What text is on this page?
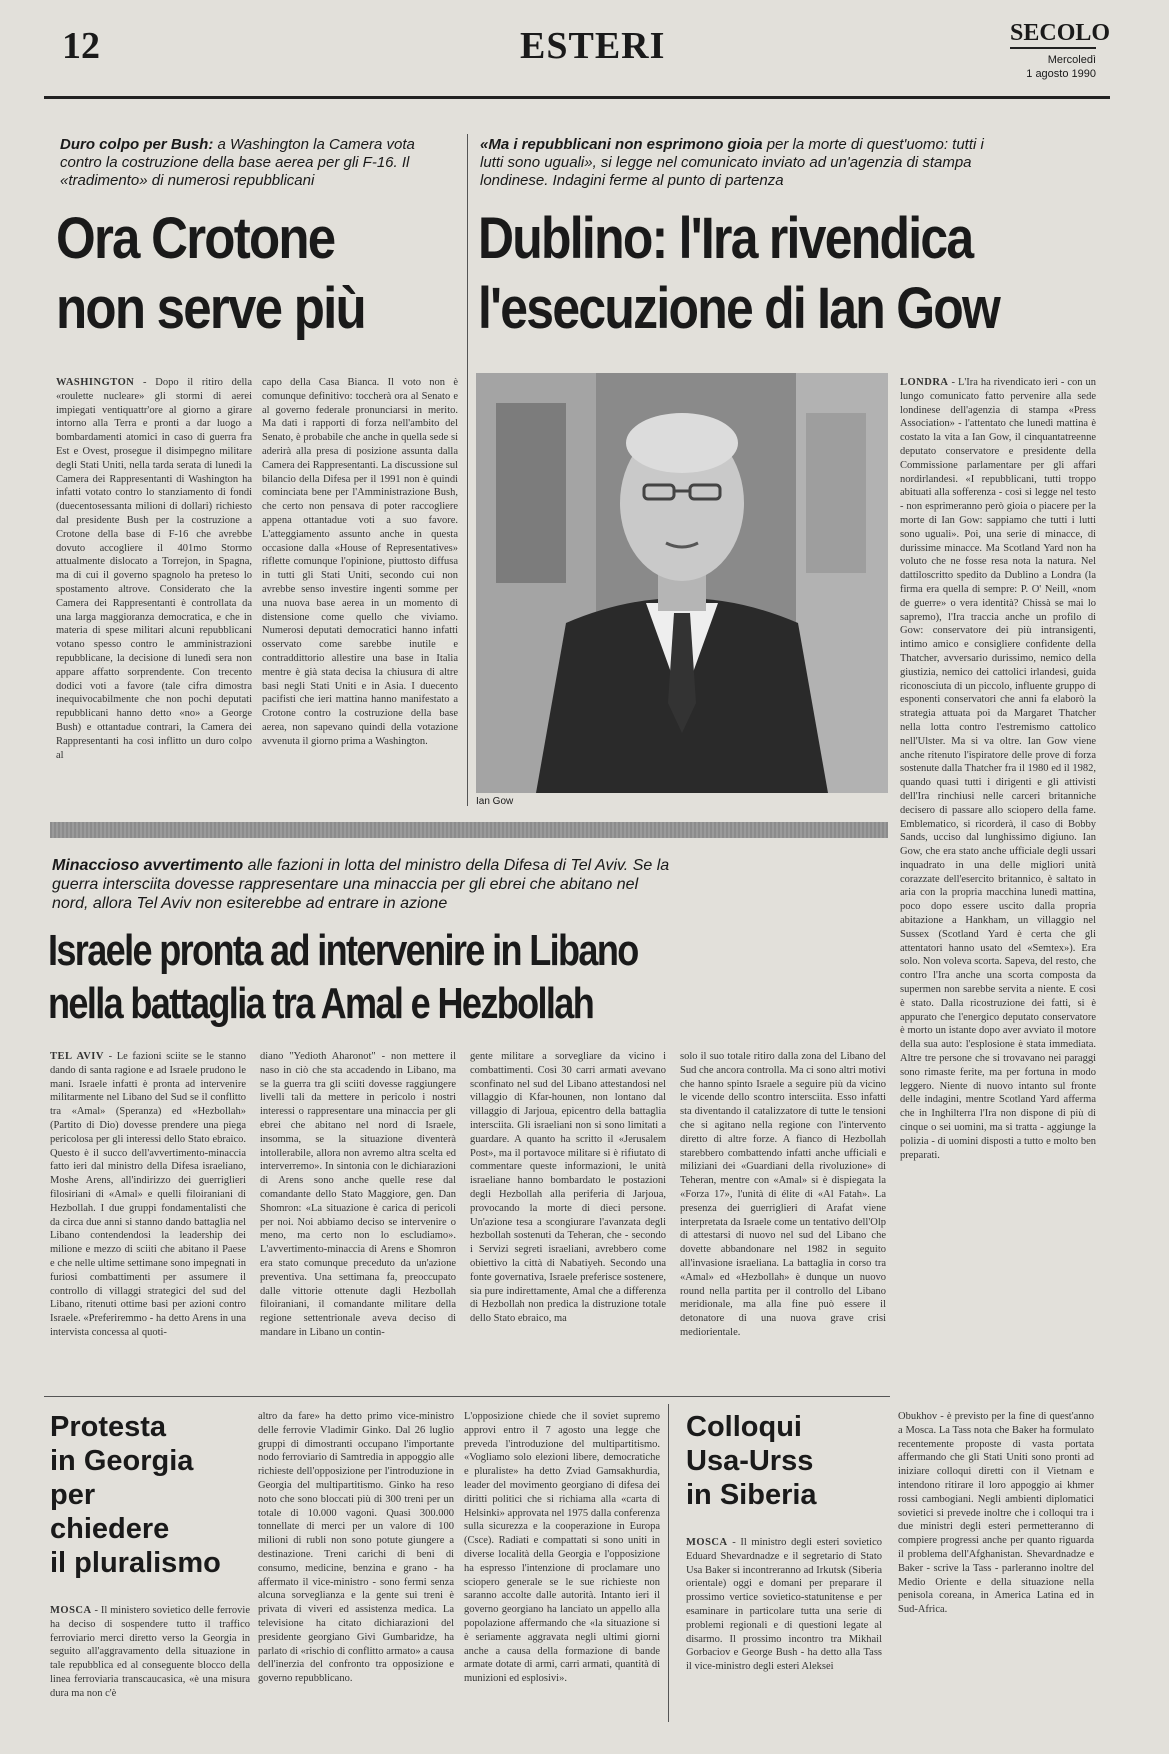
12	ESTERI	SECOLO
Mercoledì
1 agosto 1990
Duro colpo per Bush: a Washington la Camera vota contro la costruzione della base aerea per gli F-16. Il «tradimento» di numerosi repubblicani
Ora Crotone
non serve più
WASHINGTON - Dopo il ritiro della «roulette nucleare» gli stormi di aerei impiegati ventiquattr'ore al giorno a girare intorno alla Terra e pronti a dar luogo a bombardamenti atomici in caso di guerra fra Est e Ovest, prosegue il disimpegno militare degli Stati Uniti, nella tarda serata di lunedì la Camera dei Rappresentanti di Washington ha infatti votato contro lo stanziamento di fondi (duecentosessanta milioni di dollari) richiesto dal presidente Bush per la costruzione a Crotone della base di F-16 che avrebbe dovuto accogliere il 401mo Stormo attualmente dislocato a Torrejon, in Spagna, ma di cui il governo spagnolo ha preteso lo spostamento altrove. Considerato che la Camera dei Rappresentanti è controllata da una larga maggioranza democratica, e che in materia di spese militari alcuni repubblicani votano spesso contro le amministrazioni repubblicane, la decisione di lunedì sera non appare affatto sorprendente. Con trecento dodici voti a favore (tale cifra dimostra inequivocabilmente che non pochi deputati repubblicani hanno detto «no» a George Bush) e ottantadue contrari, la Camera dei Rappresentanti ha così inflitto un duro colpo al
capo della Casa Bianca. Il voto non è comunque definitivo: toccherà ora al Senato e al governo federale pronunciarsi in merito. Ma dati i rapporti di forza nell'ambito del Senato, è probabile che anche in quella sede si aderirà alla presa di posizione assunta dalla Camera dei Rappresentanti. La discussione sul bilancio della Difesa per il 1991 non è quindi cominciata bene per l'Amministrazione Bush, che certo non pensava di poter raccogliere appena ottantadue voti a suo favore. L'atteggiamento assunto anche in questa occasione dalla «House of Representatives» riflette comunque l'opinione, piuttosto diffusa in tutti gli Stati Uniti, secondo cui non avrebbe senso investire ingenti somme per una nuova base aerea in un momento di distensione come quello che viviamo. Numerosi deputati democratici hanno infatti osservato come sarebbe inutile e contraddittorio allestire una base in Italia mentre è già stata decisa la chiusura di altre basi negli Stati Uniti e in Asia. I duecento pacifisti che ieri mattina hanno manifestato a Crotone contro la costruzione della base aerea, non sapevano quindi della votazione avvenuta il giorno prima a Washington.
«Ma i repubblicani non esprimono gioia per la morte di quest'uomo: tutti i lutti sono uguali», si legge nel comunicato inviato ad un'agenzia di stampa londinese. Indagini ferme al punto di partenza
Dublino: l'Ira rivendica
l'esecuzione di Ian Gow
Ian Gow
LONDRA - L'Ira ha rivendicato ieri - con un lungo comunicato fatto pervenire alla sede londinese dell'agenzia di stampa «Press Association» - l'attentato che lunedì mattina è costato la vita a Ian Gow, il cinquantatreenne deputato conservatore e presidente della Commissione parlamentare per gli affari nordirlandesi. «I repubblicani, tutti troppo abituati alla sofferenza - così si legge nel testo - non esprimeranno però gioia o piacere per la morte di Ian Gow: sappiamo che tutti i lutti sono uguali». Poi, una serie di minacce, di durissime minacce. Ma Scotland Yard non ha voluto che ne fosse resa nota la natura. Nel dattiloscritto spedito da Dublino a Londra (la firma era quella di sempre: P. O' Neill, «nom de guerre» o vera identità? Chissà se mai lo sapremo), l'Ira traccia anche un profilo di Gow: conservatore dei più intransigenti, intimo amico e consigliere confidente della Thatcher, avversario durissimo, nemico della giustizia, nemico dei cattolici irlandesi, guida riconosciuta di un piccolo, influente gruppo di esponenti conservatori che anni fa elaborò la strategia attuata poi da Margaret Thatcher nella lotta contro l'estremismo cattolico nell'Ulster. Ma si va oltre. Ian Gow viene anche ritenuto l'ispiratore delle prove di forza sostenute dalla Thatcher fra il 1980 ed il 1982, quando quasi tutti i dirigenti e gli attivisti dell'Ira rinchiusi nelle carceri britanniche decisero di passare allo sciopero della fame. Emblematico, si ricorderà, il caso di Bobby Sands, ucciso dal lunghissimo digiuno. Ian Gow, che era stato anche ufficiale degli ussari inquadrato in una delle migliori unità corazzate dell'esercito britannico, è saltato in aria con la propria macchina lunedì mattina, poco dopo essere uscito dalla propria abitazione a Hankham, un villaggio nel Sussex (Scotland Yard è certa che gli attentatori hanno usato del «Semtex»). Era solo. Non voleva scorta. Sapeva, del resto, che contro l'Ira anche una scorta composta da supermen non sarebbe servita a niente. E così è stato. Dalla ricostruzione dei fatti, si è appurato che l'energico deputato conservatore è morto un istante dopo aver avviato il motore della sua auto: l'esplosione è stata immediata. Altre tre persone che si trovavano nei paraggi sono rimaste ferite, ma per fortuna in modo leggero. Niente di nuovo intanto sul fronte delle indagini, mentre Scotland Yard afferma che in Inghilterra l'Ira non dispone di più di cinque o sei uomini, ma si tratta - aggiunge la polizia - di uomini disposti a tutto e molto ben preparati.
Minaccioso avvertimento alle fazioni in lotta del ministro della Difesa di Tel Aviv. Se la guerra intersciita dovesse rappresentare una minaccia per gli ebrei che abitano nel nord, allora Tel Aviv non esiterebbe ad entrare in azione
Israele pronta ad intervenire in Libano
nella battaglia tra Amal e Hezbollah
TEL AVIV - Le fazioni sciite se le stanno dando di santa ragione e ad Israele prudono le mani. Israele infatti è pronta ad intervenire militarmente nel Libano del Sud se il conflitto tra «Amal» (Speranza) ed «Hezbollah» (Partito di Dio) dovesse prendere una piega pericolosa per gli interessi dello Stato ebraico. Questo è il succo dell'avvertimento-minaccia fatto ieri dal ministro della Difesa israeliano, Moshe Arens, all'indirizzo dei guerriglieri filosiriani di «Amal» e quelli filoiraniani di Hezbollah. I due gruppi fondamentalisti che da circa due anni si stanno dando battaglia nel Libano contendendosi la leadership dei milione e mezzo di sciiti che abitano il Paese e che nelle ultime settimane sono impegnati in furiosi combattimenti per assumere il controllo di villaggi strategici del sud del Libano, ritenuti ottime basi per azioni contro Israele. «Preferiremmo - ha detto Arens in una intervista concessa al quoti-
diano "Yedioth Aharonot" - non mettere il naso in ciò che sta accadendo in Libano, ma se la guerra tra gli sciiti dovesse raggiungere livelli tali da mettere in pericolo i nostri interessi o rappresentare una minaccia per gli ebrei che abitano nel nord di Israele, insomma, se la situazione diventerà intollerabile, allora non avremo altra scelta ed interverremo». In sintonia con le dichiarazioni di Arens sono anche quelle rese dal comandante dello Stato Maggiore, gen. Dan Shomron: «La situazione è carica di pericoli per noi. Noi abbiamo deciso se intervenire o meno, ma certo non lo escludiamo». L'avvertimento-minaccia di Arens e Shomron era stato comunque preceduto da un'azione preventiva. Una settimana fa, preoccupato dalle vittorie ottenute dagli Hezbollah filoiraniani, il comandante militare della regione settentrionale aveva deciso di mandare in Libano un contin-
gente militare a sorvegliare da vicino i combattimenti. Così 30 carri armati avevano sconfinato nel sud del Libano attestandosi nel villaggio di Kfar-hounen, non lontano dal villaggio di Jarjoua, epicentro della battaglia intersciita. Gli israeliani non si sono limitati a guardare. A quanto ha scritto il «Jerusalem Post», ma il portavoce militare si è rifiutato di commentare queste informazioni, le unità israeliane hanno bombardato le postazioni degli Hezbollah alla periferia di Jarjoua, provocando la morte di dieci persone. Un'azione tesa a scongiurare l'avanzata degli hezbollah sostenuti da Teheran, che - secondo i Servizi segreti israeliani, avrebbero come obiettivo la città di Nabatiyeh. Secondo una fonte governativa, Israele preferisce sostenere, sia pure indirettamente, Amal che a differenza di Hezbollah non predica la distruzione totale dello Stato ebraico, ma
solo il suo totale ritiro dalla zona del Libano del Sud che ancora controlla. Ma ci sono altri motivi che hanno spinto Israele a seguire più da vicino le vicende dello scontro intersciita. Esso infatti sta diventando il catalizzatore di tutte le tensioni che si agitano nella regione con l'intervento diretto di altre forze. A fianco di Hezbollah starebbero combattendo infatti anche ufficiali e miliziani dei «Guardiani della rivoluzione» di Teheran, mentre con «Amal» si è dispiegata la «Forza 17», l'unità di élite di «Al Fatah». La presenza dei guerriglieri di Arafat viene interpretata da Israele come un tentativo dell'Olp di attestarsi di nuovo nel sud del Libano che dovette abbandonare nel 1982 in seguito all'invasione israeliana. La battaglia in corso tra «Amal» ed «Hezbollah» è dunque un nuovo round nella partita per il controllo del Libano meridionale, ma alla fine può essere il detonatore di una nuova grave crisi mediorientale.
Protesta
in Georgia
per
chiedere
il pluralismo
MOSCA - Il ministero sovietico delle ferrovie ha deciso di sospendere tutto il traffico ferroviario merci diretto verso la Georgia in seguito all'aggravamento della situazione in tale repubblica ed al conseguente blocco della linea ferroviaria transcaucasica, «è una misura dura ma non c'è
altro da fare» ha detto primo vice-ministro delle ferrovie Vladimir Ginko. Dal 26 luglio gruppi di dimostranti occupano l'importante nodo ferroviario di Samtredia in appoggio alle richieste dell'opposizione per l'introduzione in Georgia del multipartitismo. Ginko ha reso noto che sono bloccati più di 300 treni per un totale di 10.000 vagoni. Quasi 300.000 tonnellate di merci per un valore di 100 milioni di rubli non sono potute giungere a destinazione. Treni carichi di beni di consumo, medicine, benzina e grano - ha affermato il vice-ministro - sono fermi senza alcuna sorveglianza e la gente sui treni è privata di viveri ed assistenza medica. La televisione ha citato dichiarazioni del presidente georgiano Givi Gumbaridze, ha parlato di «rischio di conflitto armato» a causa dell'inerzia del confronto tra opposizione e governo repubblicano.
L'opposizione chiede che il soviet supremo approvi entro il 7 agosto una legge che preveda l'introduzione del multipartitismo. «Vogliamo solo elezioni libere, democratiche e pluraliste» ha detto Zviad Gamsakhurdia, leader del movimento georgiano di difesa dei diritti politici che si richiama alla «carta di Helsinki» approvata nel 1975 dalla conferenza sulla sicurezza e la cooperazione in Europa (Csce). Radiati e compattati si sono uniti in diverse località della Georgia e l'opposizione ha espresso l'intenzione di proclamare uno sciopero generale se le sue richieste non saranno accolte dalle autorità. Intanto ieri il governo georgiano ha lanciato un appello alla popolazione affermando che «la situazione si è seriamente aggravata negli ultimi giorni anche a causa della formazione di bande armate dotate di armi, carri armati, quantità di munizioni ed esplosivi».
Colloqui
Usa-Urss
in Siberia
MOSCA - Il ministro degli esteri sovietico Eduard Shevardnadze e il segretario di Stato Usa Baker si incontreranno ad Irkutsk (Siberia orientale) oggi e domani per preparare il prossimo vertice sovietico-statunitense e per esaminare in particolare tutta una serie di problemi regionali e di questioni legate al disarmo. Il prossimo incontro tra Mikhail Gorbaciov e George Bush - ha detto alla Tass il vice-ministro degli esteri Aleksei
Obukhov - è previsto per la fine di quest'anno a Mosca. La Tass nota che Baker ha formulato recentemente proposte di vasta portata affermando che gli Stati Uniti sono pronti ad iniziare colloqui diretti con il Vietnam e intendono ritirare il loro appoggio ai khmer rossi cambogiani. Negli ambienti diplomatici sovietici si prevede inoltre che i colloqui tra i due ministri degli esteri permetteranno di compiere progressi anche per quanto riguarda il problema dell'Afghanistan. Shevardnadze e Baker - scrive la Tass - parleranno inoltre del Medio Oriente e della situazione nella penisola coreana, in America Latina ed in Sud-Africa.
